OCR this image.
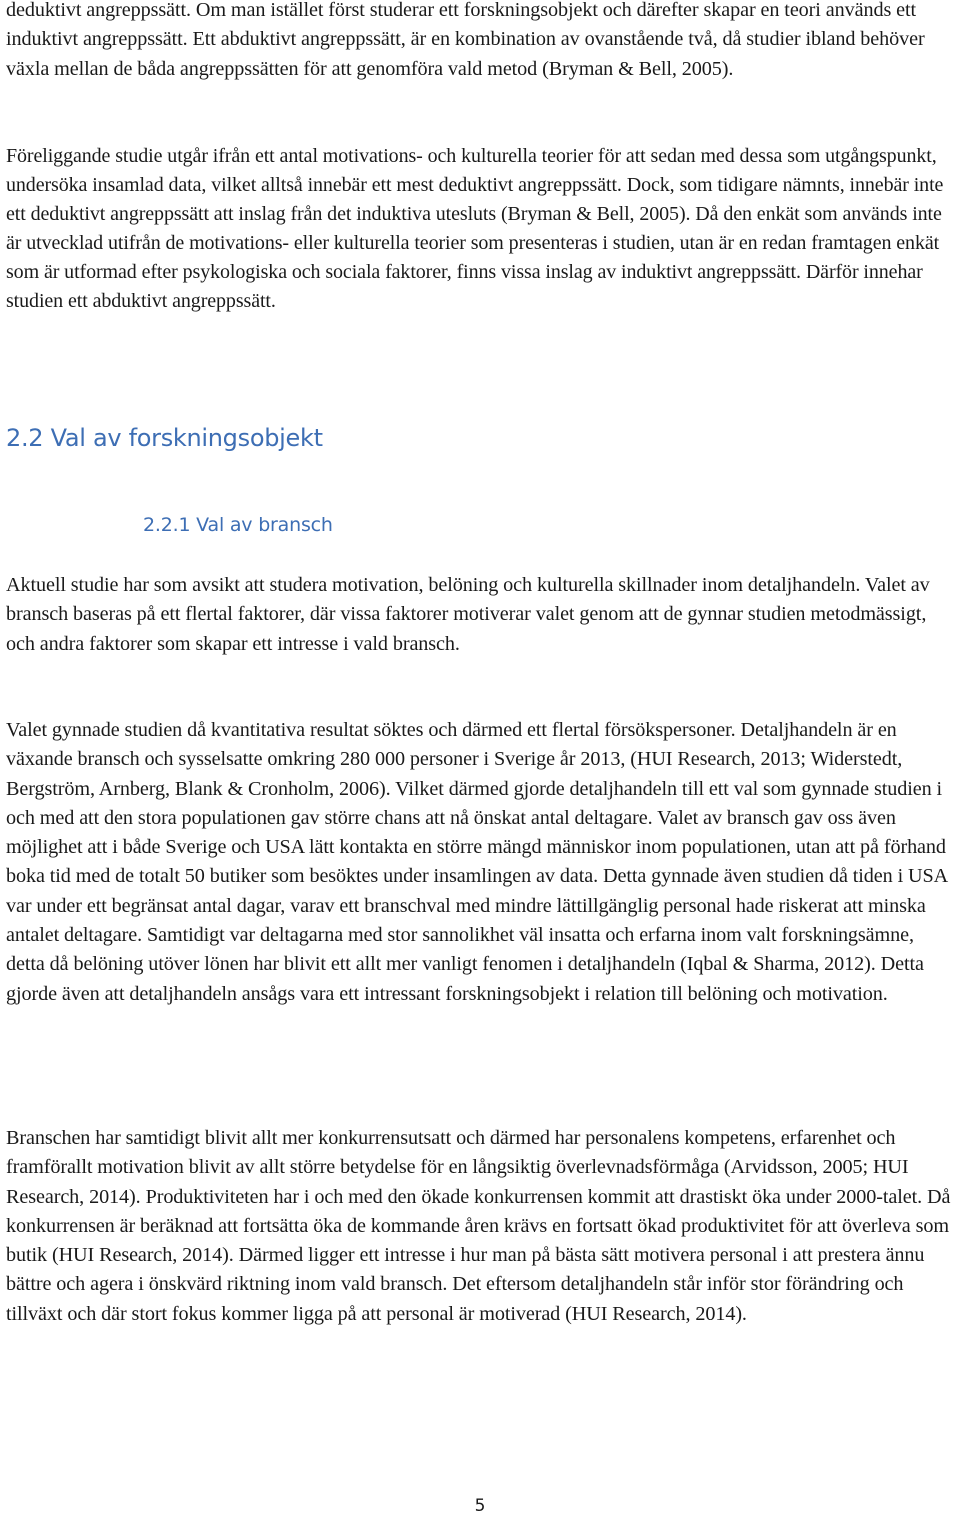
deduktivt angreppssätt. Om man istället först studerar ett forskningsobjekt och därefter skapar en teori används ett induktivt angreppssätt. Ett abduktivt angreppssätt, är en kombination av ovanstående två, då studier ibland behöver växla mellan de båda angreppssätten för att genomföra vald metod (Bryman & Bell, 2005).

Föreliggande studie utgår ifrån ett antal motivations- och kulturella teorier för att sedan med dessa som utgångspunkt, undersöka insamlad data, vilket alltså innebär ett mest deduktivt angreppssätt. Dock, som tidigare nämnts, innebär inte ett deduktivt angreppssätt att inslag från det induktiva utesluts (Bryman & Bell, 2005). Då den enkät som används inte är utvecklad utifrån de motivations- eller kulturella teorier som presenteras i studien, utan är en redan framtagen enkät som är utformad efter psykologiska och sociala faktorer, finns vissa inslag av induktivt angreppssätt. Därför innehar studien ett abduktivt angreppssätt.

2.2 Val av forskningsobjekt
2.2.1 Val av bransch

Aktuell studie har som avsikt att studera motivation, belöning och kulturella skillnader inom detaljhandeln. Valet av bransch baseras på ett flertal faktorer, där vissa faktorer motiverar valet genom att de gynnar studien metodmässigt, och andra faktorer som skapar ett intresse i vald bransch.

Valet gynnade studien då kvantitativa resultat söktes och därmed ett flertal försökspersoner. Detaljhandeln är en växande bransch och sysselsatte omkring 280 000 personer i Sverige år 2013, (HUI Research, 2013; Widerstedt, Bergström, Arnberg, Blank & Cronholm, 2006). Vilket därmed gjorde detaljhandeln till ett val som gynnade studien i och med att den stora populationen gav större chans att nå önskat antal deltagare. Valet av bransch gav oss även möjlighet att i både Sverige och USA lätt kontakta en större mängd människor inom populationen, utan att på förhand boka tid med de totalt 50 butiker som besöktes under insamlingen av data. Detta gynnade även studien då tiden i USA var under ett begränsat antal dagar, varav ett branschval med mindre lättillgänglig personal hade riskerat att minska antalet deltagare. Samtidigt var deltagarna med stor sannolikhet väl insatta och erfarna inom valt forskningsämne, detta då belöning utöver lönen har blivit ett allt mer vanligt fenomen i detaljhandeln (Iqbal & Sharma, 2012). Detta gjorde även att detaljhandeln ansågs vara ett intressant forskningsobjekt i relation till belöning och motivation.

Branschen har samtidigt blivit allt mer konkurrensutsatt och därmed har personalens kompetens, erfarenhet och framförallt motivation blivit av allt större betydelse för en långsiktig överlevnadsförmåga (Arvidsson, 2005; HUI Research, 2014). Produktiviteten har i och med den ökade konkurrensen kommit att drastiskt öka under 2000-talet. Då konkurrensen är beräknad att fortsätta öka de kommande åren krävs en fortsatt ökad produktivitet för att överleva som butik (HUI Research, 2014). Därmed ligger ett intresse i hur man på bästa sätt motivera personal i att prestera ännu bättre och agera i önskvärd riktning inom vald bransch. Det eftersom detaljhandeln står inför stor förändring och tillväxt och där stort fokus kommer ligga på att personal är motiverad (HUI Research, 2014).

5
